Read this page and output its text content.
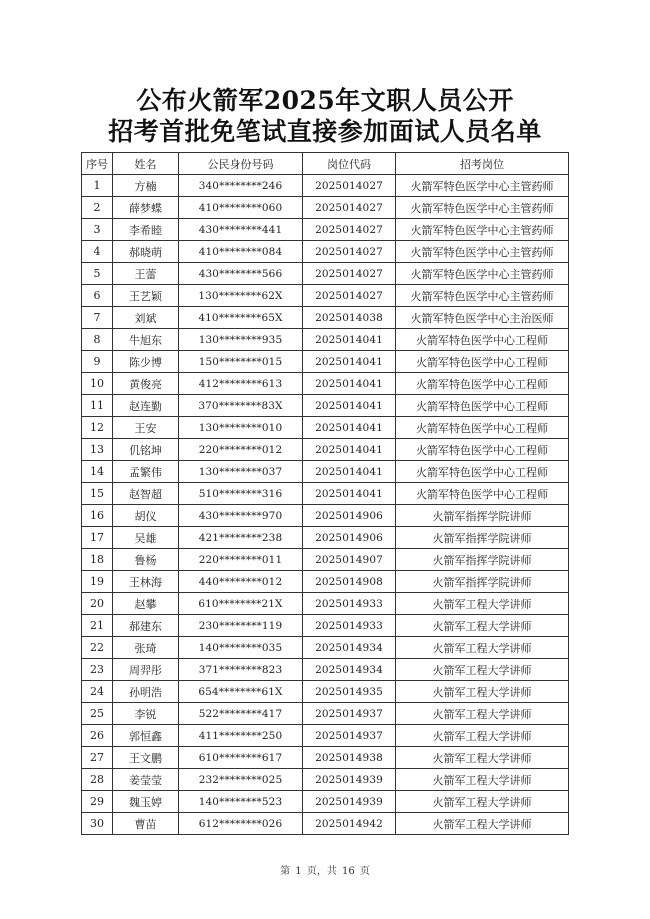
公布火箭军2025年文职人员公开
招考首批免笔试直接参加面试人员名单
序号	姓名	公民身份号码	岗位代码	招考岗位
1	方楠	340********246	2025014027	火箭军特色医学中心主管药师
2	薛梦蝶	410********060	2025014027	火箭军特色医学中心主管药师
3	李希睦	430********441	2025014027	火箭军特色医学中心主管药师
4	郝晓萌	410********084	2025014027	火箭军特色医学中心主管药师
5	王蕾	430********566	2025014027	火箭军特色医学中心主管药师
6	王艺颖	130********62X	2025014027	火箭军特色医学中心主管药师
7	刘斌	410********65X	2025014038	火箭军特色医学中心主治医师
8	牛旭东	130********935	2025014041	火箭军特色医学中心工程师
9	陈少博	150********015	2025014041	火箭军特色医学中心工程师
10	黄俊亮	412********613	2025014041	火箭军特色医学中心工程师
11	赵连勤	370********83X	2025014041	火箭军特色医学中心工程师
12	王安	130********010	2025014041	火箭军特色医学中心工程师
13	仉铭坤	220********012	2025014041	火箭军特色医学中心工程师
14	孟繁伟	130********037	2025014041	火箭军特色医学中心工程师
15	赵智超	510********316	2025014041	火箭军特色医学中心工程师
16	胡仪	430********970	2025014906	火箭军指挥学院讲师
17	吴雄	421********238	2025014906	火箭军指挥学院讲师
18	鲁杨	220********011	2025014907	火箭军指挥学院讲师
19	王林海	440********012	2025014908	火箭军指挥学院讲师
20	赵攀	610********21X	2025014933	火箭军工程大学讲师
21	郝建东	230********119	2025014933	火箭军工程大学讲师
22	张琦	140********035	2025014934	火箭军工程大学讲师
23	周羿彤	371********823	2025014934	火箭军工程大学讲师
24	孙明浩	654********61X	2025014935	火箭军工程大学讲师
25	李锐	522********417	2025014937	火箭军工程大学讲师
26	郭恒鑫	411********250	2025014937	火箭军工程大学讲师
27	王文鹏	610********617	2025014938	火箭军工程大学讲师
28	姜莹莹	232********025	2025014939	火箭军工程大学讲师
29	魏玉婷	140********523	2025014939	火箭军工程大学讲师
30	曹苗	612********026	2025014942	火箭军工程大学讲师
第 1 页，共 16 页
